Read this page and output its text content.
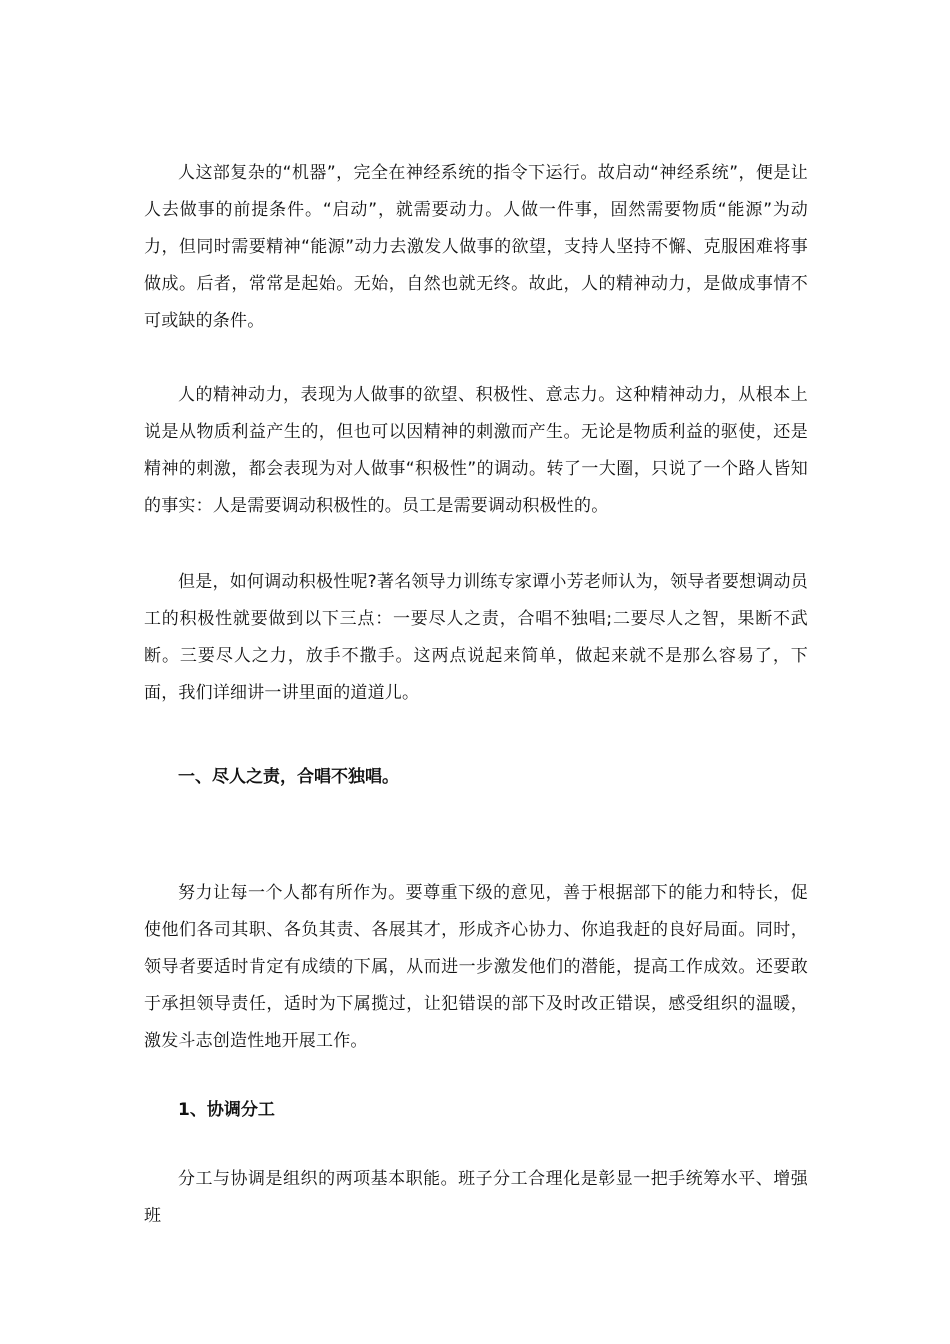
人这部复杂的“机器”，完全在神经系统的指令下运行。故启动“神经系统”，便是让人去做事的前提条件。“启动”，就需要动力。人做一件事，固然需要物质“能源”为动力，但同时需要精神“能源”动力去激发人做事的欲望，支持人坚持不懈、克服困难将事做成。后者，常常是起始。无始，自然也就无终。故此，人的精神动力，是做成事情不可或缺的条件。

人的精神动力，表现为人做事的欲望、积极性、意志力。这种精神动力，从根本上说是从物质利益产生的，但也可以因精神的刺激而产生。无论是物质利益的驱使，还是精神的刺激，都会表现为对人做事“积极性”的调动。转了一大圈，只说了一个路人皆知的事实：人是需要调动积极性的。员工是需要调动积极性的。

但是，如何调动积极性呢?著名领导力训练专家谭小芳老师认为，领导者要想调动员工的积极性就要做到以下三点：一要尽人之责，合唱不独唱;二要尽人之智，果断不武断。三要尽人之力，放手不撒手。这两点说起来简单，做起来就不是那么容易了，下面，我们详细讲一讲里面的道道儿。

一、尽人之责，合唱不独唱。

努力让每一个人都有所作为。要尊重下级的意见，善于根据部下的能力和特长，促使他们各司其职、各负其责、各展其才，形成齐心协力、你追我赶的良好局面。同时，领导者要适时肯定有成绩的下属，从而进一步激发他们的潜能，提高工作成效。还要敢于承担领导责任，适时为下属揽过，让犯错误的部下及时改正错误，感受组织的温暖，激发斗志创造性地开展工作。

1、协调分工

分工与协调是组织的两项基本职能。班子分工合理化是彰显一把手统筹水平、增强班
